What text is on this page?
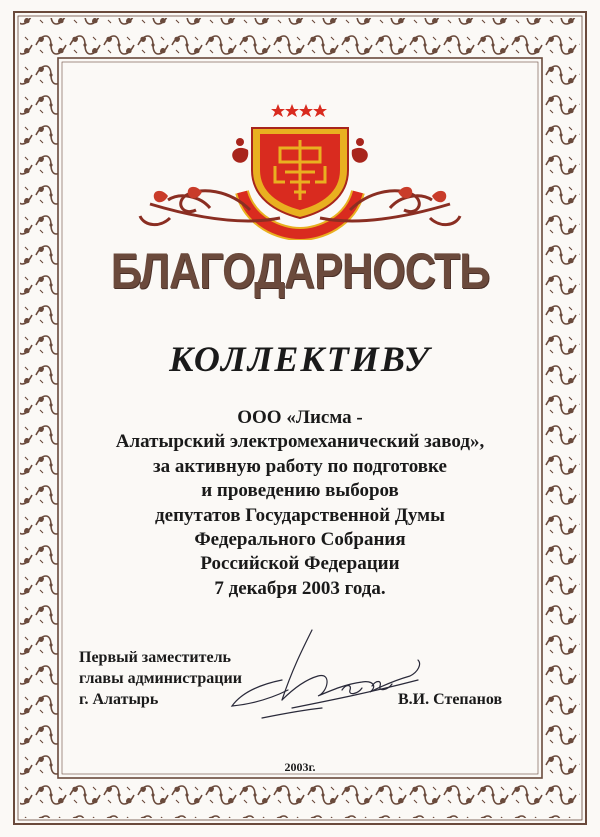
БЛАГОДАРНОСТЬ
КОЛЛЕКТИВУ
ООО «Лисма -
Алатырский электромеханический завод»,
за активную работу по подготовке
и проведению выборов
депутатов Государственной Думы
Федерального Собрания
Российской Федерации
7 декабря 2003 года.
Первый заместитель
главы администрации
г. Алатырь	В.И. Степанов
2003г.
